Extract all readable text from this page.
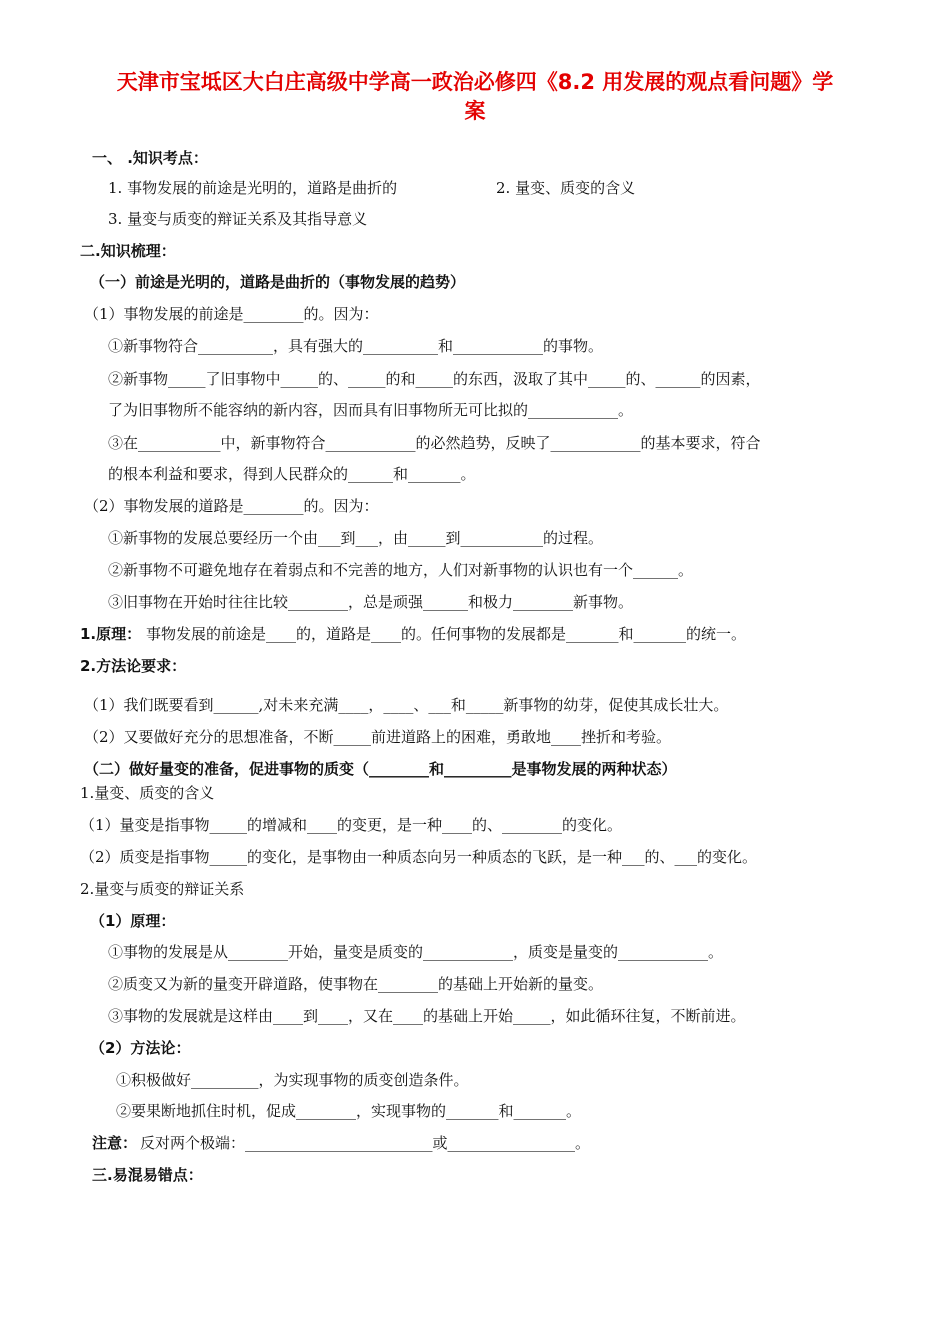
天津市宝坻区大白庄高级中学高一政治必修四《8.2 用发展的观点看问题》学
案
一、 .知识考点：
1. 事物发展的前途是光明的，道路是曲折的	2. 量变、质变的含义
3. 量变与质变的辩证关系及其指导意义
二.知识梳理：
（一）前途是光明的，道路是曲折的（事物发展的趋势）
（1）事物发展的前途是________的。因为：
①新事物符合__________，具有强大的__________和____________的事物。
②新事物_____了旧事物中_____的、_____的和_____的东西，汲取了其中_____的、______的因素，
了为旧事物所不能容纳的新内容，因而具有旧事物所无可比拟的____________。
③在___________中，新事物符合____________的必然趋势，反映了____________的基本要求，符合
的根本利益和要求，得到人民群众的______和_______。
（2）事物发展的道路是________的。因为：
①新事物的发展总要经历一个由___到___，由_____到___________的过程。
②新事物不可避免地存在着弱点和不完善的地方，人们对新事物的认识也有一个______。
③旧事物在开始时往往比较________，总是顽强______和极力________新事物。
1.原理： 事物发展的前途是____的，道路是____的。任何事物的发展都是_______和_______的统一。
2.方法论要求：
（1）我们既要看到______,对未来充满____，____、___和_____新事物的幼芽，促使其成长壮大。
（2）又要做好充分的思想准备，不断_____前进道路上的困难，勇敢地____挫折和考验。
（二）做好量变的准备，促进事物的质变（________和_________是事物发展的两种状态）
1.量变、质变的含义
（1）量变是指事物_____的增减和____的变更，是一种____的、________的变化。
（2）质变是指事物_____的变化，是事物由一种质态向另一种质态的飞跃，是一种___的、___的变化。
2.量变与质变的辩证关系
（1）原理：
①事物的发展是从________开始，量变是质变的____________，质变是量变的____________。
②质变又为新的量变开辟道路，使事物在________的基础上开始新的量变。
③事物的发展就是这样由____到____，又在____的基础上开始_____，如此循环往复，不断前进。
（2）方法论：
①积极做好_________，为实现事物的质变创造条件。
②要果断地抓住时机，促成________，实现事物的_______和_______。
注意： 反对两个极端：_________________________或_________________。
三.易混易错点：
